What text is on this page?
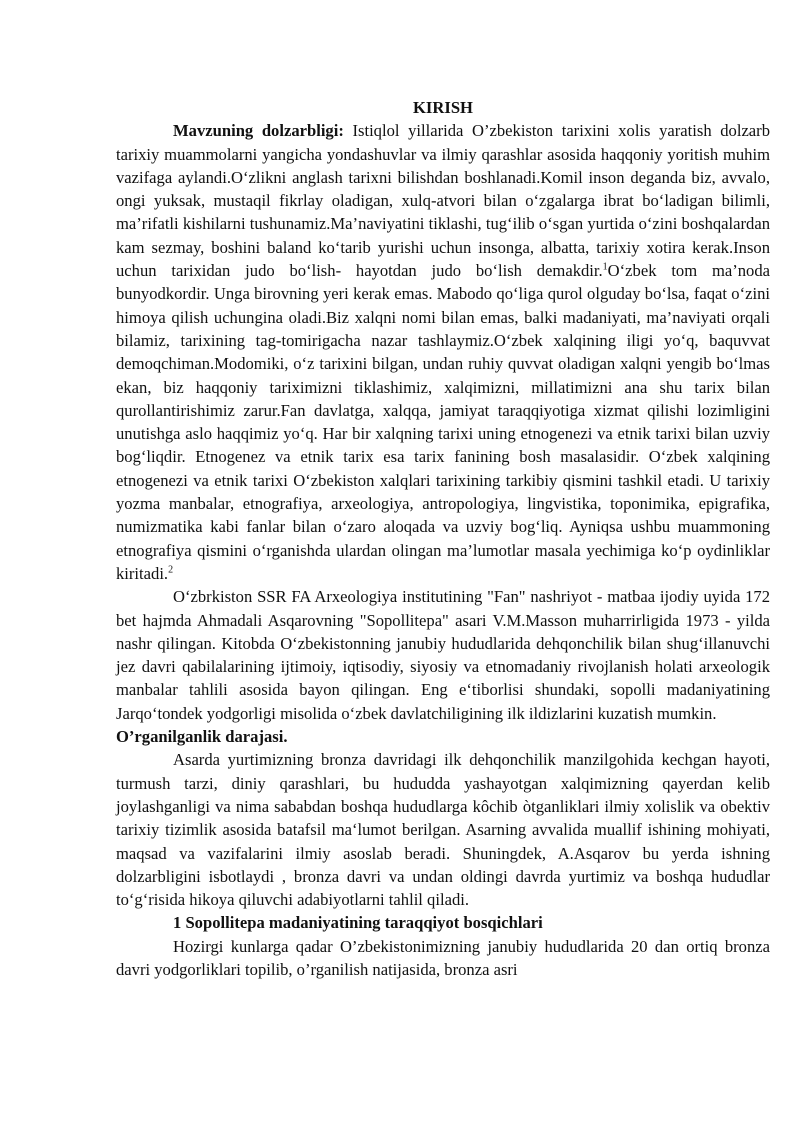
KIRISH

Mavzuning dolzarbligi: Istiqlol yillarida O’zbekiston tarixini xolis yaratish dolzarb tarixiy muammolarni yangicha yondashuvlar va ilmiy qarashlar asosida haqqoniy yoritish muhim vazifaga aylandi.O‘zlikni anglash tarixni bilishdan boshlanadi.Komil inson deganda biz, avvalo, ongi yuksak, mustaqil fikrlay oladigan, xulq-atvori bilan o‘zgalarga ibrat bo‘ladigan bilimli, ma’rifatli kishilarni tushunamiz.Ma’naviyatini tiklashi, tug‘ilib o‘sgan yurtida o‘zini boshqalardan kam sezmay, boshini baland ko‘tarib yurishi uchun insonga, albatta, tarixiy xotira kerak.Inson uchun tarixidan judo bo‘lish- hayotdan judo bo‘lish demakdir.$^1$O‘zbek tom ma’noda bunyodkordir. Unga birovning yeri kerak emas. Mabodo qo‘liga qurol olguday bo‘lsa, faqat o‘zini himoya qilish uchungina oladi.Biz xalqni nomi bilan emas, balki madaniyati, ma’naviyati orqali bilamiz, tarixining tag-tomirigacha nazar tashlaymiz.O‘zbek xalqining iligi yo‘q, baquvvat demoqchiman.Modomiki, o‘z tarixini bilgan, undan ruhiy quvvat oladigan xalqni yengib bo‘lmas ekan, biz haqqoniy tariximizni tiklashimiz, xalqimizni, millatimizni ana shu tarix bilan qurollantirishimiz zarur.Fan davlatga, xalqqa, jamiyat taraqqiyotiga xizmat qilishi lozimligini unutishga aslo haqqimiz yo‘q. Har bir xalqning tarixi uning etnogenezi va etnik tarixi bilan uzviy bog‘liqdir. Etnogenez va etnik tarix esa tarix fanining bosh masalasidir. O‘zbek xalqining etnogenezi va etnik tarixi O‘zbekiston xalqlari tarixining tarkibiy qismini tashkil etadi. U tarixiy yozma manbalar, etnografiya, arxeologiya, antropologiya, lingvistika, toponimika, epigrafika, numizmatika kabi fanlar bilan o‘zaro aloqada va uzviy bog‘liq. Ayniqsa ushbu muammoning etnografiya qismini o‘rganishda ulardan olingan ma’lumotlar masala yechimiga ko‘p oydinliklar kiritadi.$^2$

O‘zbrkiston SSR FA Arxeologiya institutining "Fan" nashriyot - matbaa ijodiy uyida 172 bet hajmda Ahmadali Asqarovning "Sopollitepa" asari V.M.Masson muharrirligida 1973 - yilda nashr qilingan. Kitobda O‘zbekistonning janubiy hududlarida dehqonchilik bilan shug‘illanuvchi jez davri qabilalarining ijtimoiy, iqtisodiy, siyosiy va etnomadaniy rivojlanish holati arxeologik manbalar tahlili asosida bayon qilingan. Eng e‘tiborlisi shundaki, sopolli madaniyatining Jarqo‘tondek yodgorligi misolida o‘zbek davlatchiligining ilk ildizlarini kuzatish mumkin.

O’rganilganlik darajasi.

Asarda yurtimizning bronza davridagi ilk dehqonchilik manzilgohida kechgan hayoti, turmush tarzi, diniy qarashlari, bu hududda yashayotgan xalqimizning qayerdan kelib joylashganligi va nima sababdan boshqa hududlarga kôchib òtganliklari ilmiy xolislik va obektiv tarixiy tizimlik asosida batafsil ma‘lumot berilgan. Asarning avvalida muallif ishining mohiyati, maqsad va vazifalarini ilmiy asoslab beradi. Shuningdek, A.Asqarov bu yerda ishning dolzarbligini isbotlaydi , bronza davri va undan oldingi davrda yurtimiz va boshqa hududlar to‘g‘risida hikoya qiluvchi adabiyotlarni tahlil qiladi.

1 Sopollitepa madaniyatining taraqqiyot bosqichlari

Hozirgi kunlarga qadar O’zbekistonimizning janubiy hududlarida 20 dan ortiq bronza davri yodgorliklari topilib, o’rganilish natijasida, bronza asri
